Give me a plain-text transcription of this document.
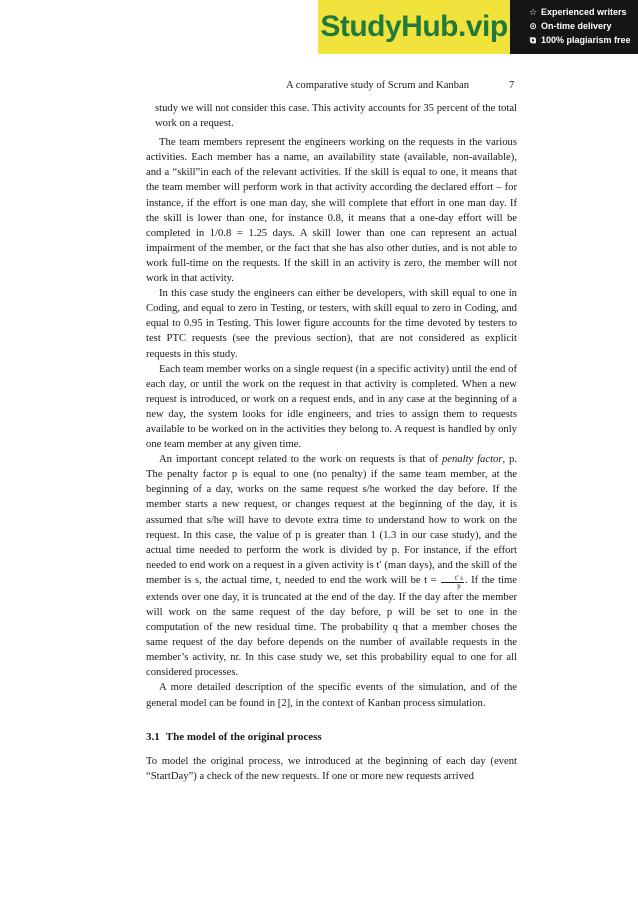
StudyHub.vip ☆ Experienced writers
⊙ On-time delivery
⧉ 100% plagiarism free
A comparative study of Scrum and Kanban	7

study we will not consider this case. This activity accounts for 35 percent of the total work on a request.

The team members represent the engineers working on the requests in the various activities. Each member has a name, an availability state (available, non-available), and a “skill”in each of the relevant activities. If the skill is equal to one, it means that the team member will perform work in that activity according the declared effort – for instance, if the effort is one man day, she will complete that effort in one man day. If the skill is lower than one, for instance 0.8, it means that a one-day effort will be completed in 1/0.8 = 1.25 days. A skill lower than one can represent an actual impairment of the member, or the fact that she has also other duties, and is not able to work full-time on the requests. If the skill in an activity is zero, the member will not work in that activity.

In this case study the engineers can either be developers, with skill equal to one in Coding, and equal to zero in Testing, or testers, with skill equal to zero in Coding, and equal to 0.95 in Testing. This lower figure accounts for the time devoted by testers to test PTC requests (see the previous section), that are not considered as explicit requests in this study.

Each team member works on a single request (in a specific activity) until the end of each day, or until the work on the request in that activity is completed. When a new request is introduced, or work on a request ends, and in any case at the beginning of a new day, the system looks for idle engineers, and tries to assign them to requests available to be worked on in the activities they belong to. A request is handled by only one team member at any given time.

An important concept related to the work on requests is that of penalty factor, p. The penalty factor p is equal to one (no penalty) if the same team member, at the beginning of a day, works on the same request s/he worked the day before. If the member starts a new request, or changes request at the beginning of the day, it is assumed that s/he will have to devote extra time to understand how to work on the request. In this case, the value of p is greater than 1 (1.3 in our case study), and the actual time needed to perform the work is divided by p. For instance, if the effort needed to end work on a request in a given activity is t′ (man days), and the skill of the member is s, the actual time, t, needed to end the work will be $t = \frac{t' s}{p}$ . If the time extends over one day, it is truncated at the end of the day. If the day after the member will work on the same request of the day before, p will be set to one in the computation of the new residual time. The probability q that a member choses the same request of the day before depends on the number of available requests in the member’s activity, nr. In this case study we, set this probability equal to one for all considered processes.

A more detailed description of the specific events of the simulation, and of the general model can be found in [2], in the context of Kanban process simulation.

3.1 The model of the original process

To model the original process, we introduced at the beginning of each day (event “StartDay”) a check of the new requests. If one or more new requests arrived
